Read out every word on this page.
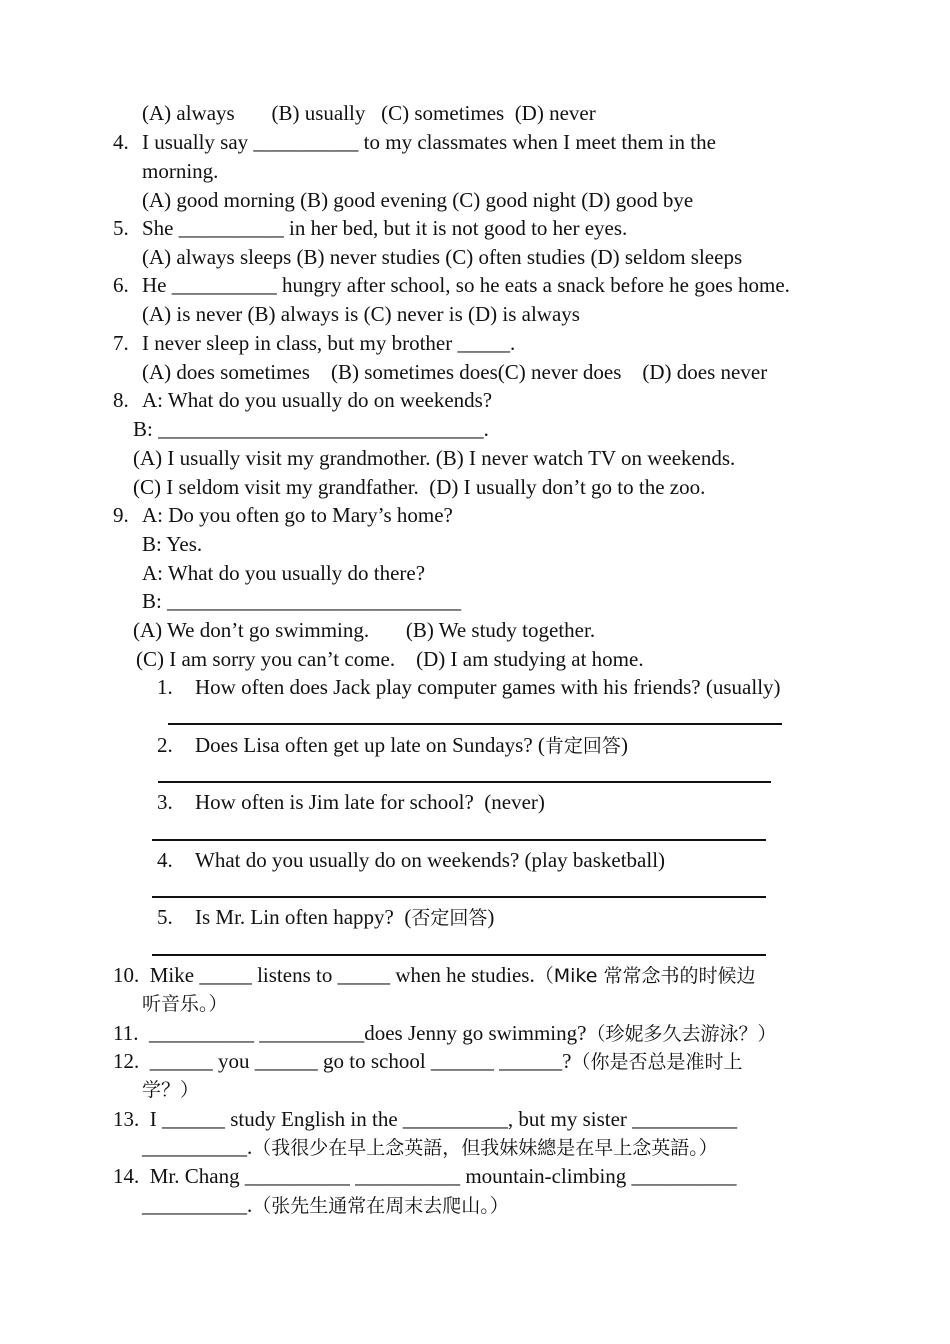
(A) always       (B) usually   (C) sometimes  (D) never
4. I usually say __________ to my classmates when I meet them in the
morning.
(A) good morning (B) good evening (C) good night (D) good bye
5. She __________ in her bed, but it is not good to her eyes.
(A) always sleeps (B) never studies (C) often studies (D) seldom sleeps
6. He __________ hungry after school, so he eats a snack before he goes home.
(A) is never (B) always is (C) never is (D) is always
7. I never sleep in class, but my brother _____.
(A) does sometimes    (B) sometimes does(C) never does    (D) does never
8. A: What do you usually do on weekends?
B: _______________________________.
(A) I usually visit my grandmother. (B) I never watch TV on weekends.
(C) I seldom visit my grandfather.  (D) I usually don’t go to the zoo.
9. A: Do you often go to Mary’s home?
B: Yes.
A: What do you usually do there?
B: ____________________________
(A) We don’t go swimming.       (B) We study together.
(C) I am sorry you can’t come.    (D) I am studying at home.
1. How often does Jack play computer games with his friends? (usually)
2. Does Lisa often get up late on Sundays? (肯定回答)
3. How often is Jim late for school?  (never)
4. What do you usually do on weekends? (play basketball)
5. Is Mr. Lin often happy?  (否定回答)
10.  Mike _____ listens to _____ when he studies.（Mike 常常念书的时候边
听音乐。）
11.  __________ __________does Jenny go swimming?（珍妮多久去游泳？）
12.  ______ you ______ go to school ______ ______?（你是否总是准时上
学？）
13.  I ______ study English in the __________, but my sister __________
__________.（我很少在早上念英語，但我妹妹總是在早上念英語。）
14.  Mr. Chang __________ __________ mountain-climbing __________
__________.（张先生通常在周末去爬山。）
